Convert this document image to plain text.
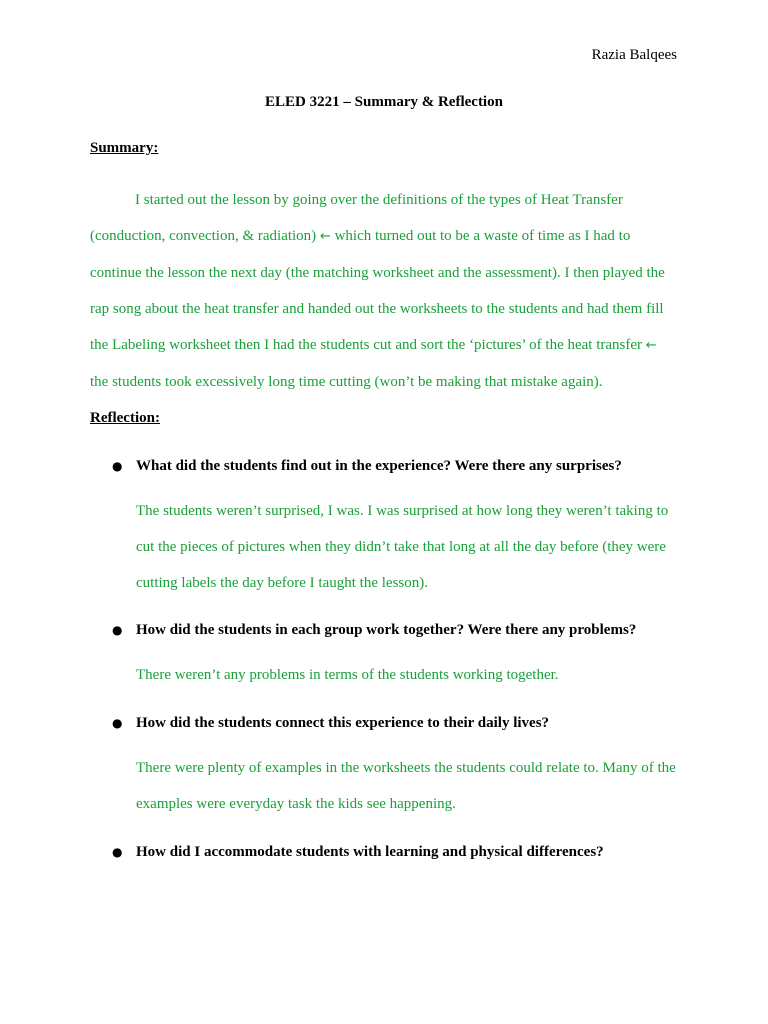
Razia Balqees
ELED 3221 – Summary & Reflection
Summary:

I started out the lesson by going over the definitions of the types of Heat Transfer
(conduction, convection, & radiation) ← which turned out to be a waste of time as I had to
continue the lesson the next day (the matching worksheet and the assessment). I then played the
rap song about the heat transfer and handed out the worksheets to the students and had them fill
the Labeling worksheet then I had the students cut and sort the ‘pictures’ of the heat transfer ←
the students took excessively long time cutting (won’t be making that mistake again).

Reflection:
● What did the students find out in the experience? Were there any surprises?

The students weren’t surprised, I was. I was surprised at how long they weren’t taking to
cut the pieces of pictures when they didn’t take that long at all the day before (they were
cutting labels the day before I taught the lesson).

● How did the students in each group work together? Were there any problems?

There weren’t any problems in terms of the students working together.

● How did the students connect this experience to their daily lives?

There were plenty of examples in the worksheets the students could relate to. Many of the
examples were everyday task the kids see happening.

● How did I accommodate students with learning and physical differences?
